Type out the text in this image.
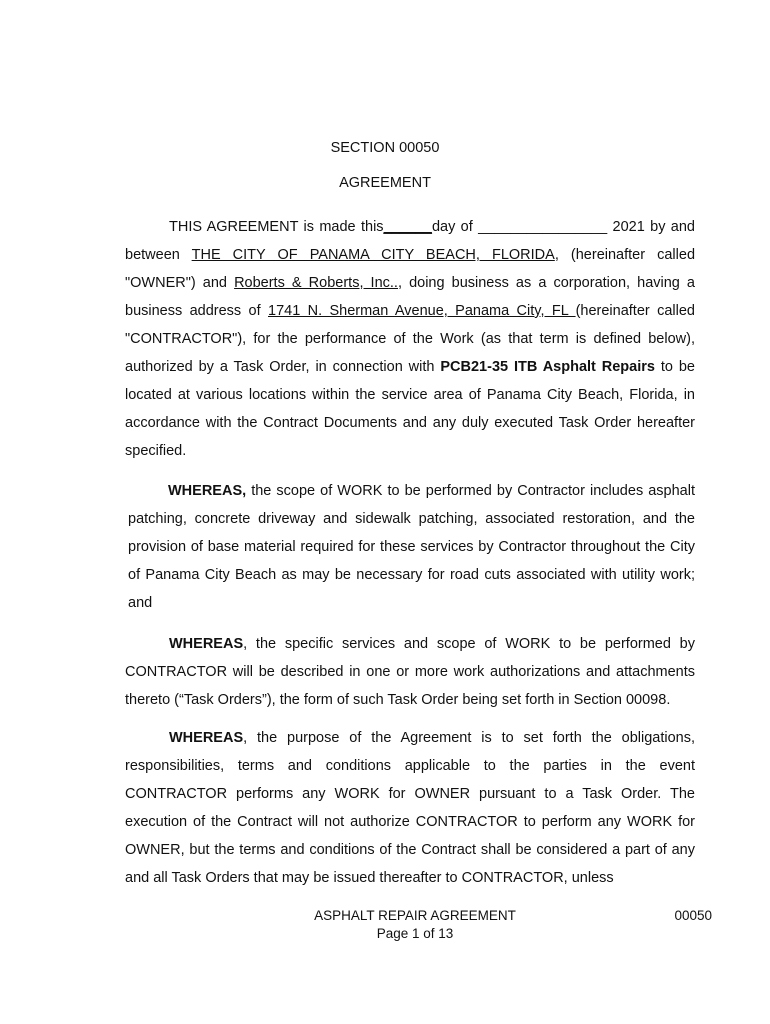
SECTION 00050
AGREEMENT
THIS AGREEMENT is made this______day of ________________ 2021 by and between THE CITY OF PANAMA CITY BEACH, FLORIDA, (hereinafter called "OWNER") and Roberts & Roberts, Inc.., doing business as a corporation, having a business address of 1741 N. Sherman Avenue, Panama City, FL (hereinafter called "CONTRACTOR"), for the performance of the Work (as that term is defined below), authorized by a Task Order, in connection with PCB21-35 ITB Asphalt Repairs to be located at various locations within the service area of Panama City Beach, Florida, in accordance with the Contract Documents and any duly executed Task Order hereafter specified.
WHEREAS, the scope of WORK to be performed by Contractor includes asphalt patching, concrete driveway and sidewalk patching, associated restoration, and the provision of base material required for these services by Contractor throughout the City of Panama City Beach as may be necessary for road cuts associated with utility work; and
WHEREAS, the specific services and scope of WORK to be performed by CONTRACTOR will be described in one or more work authorizations and attachments thereto (“Task Orders”), the form of such Task Order being set forth in Section 00098.
WHEREAS, the purpose of the Agreement is to set forth the obligations, responsibilities, terms and conditions applicable to the parties in the event CONTRACTOR performs any WORK for OWNER pursuant to a Task Order. The execution of the Contract will not authorize CONTRACTOR to perform any WORK for OWNER, but the terms and conditions of the Contract shall be considered a part of any and all Task Orders that may be issued thereafter to CONTRACTOR, unless
ASPHALT REPAIR AGREEMENT
Page 1 of 13
00050
